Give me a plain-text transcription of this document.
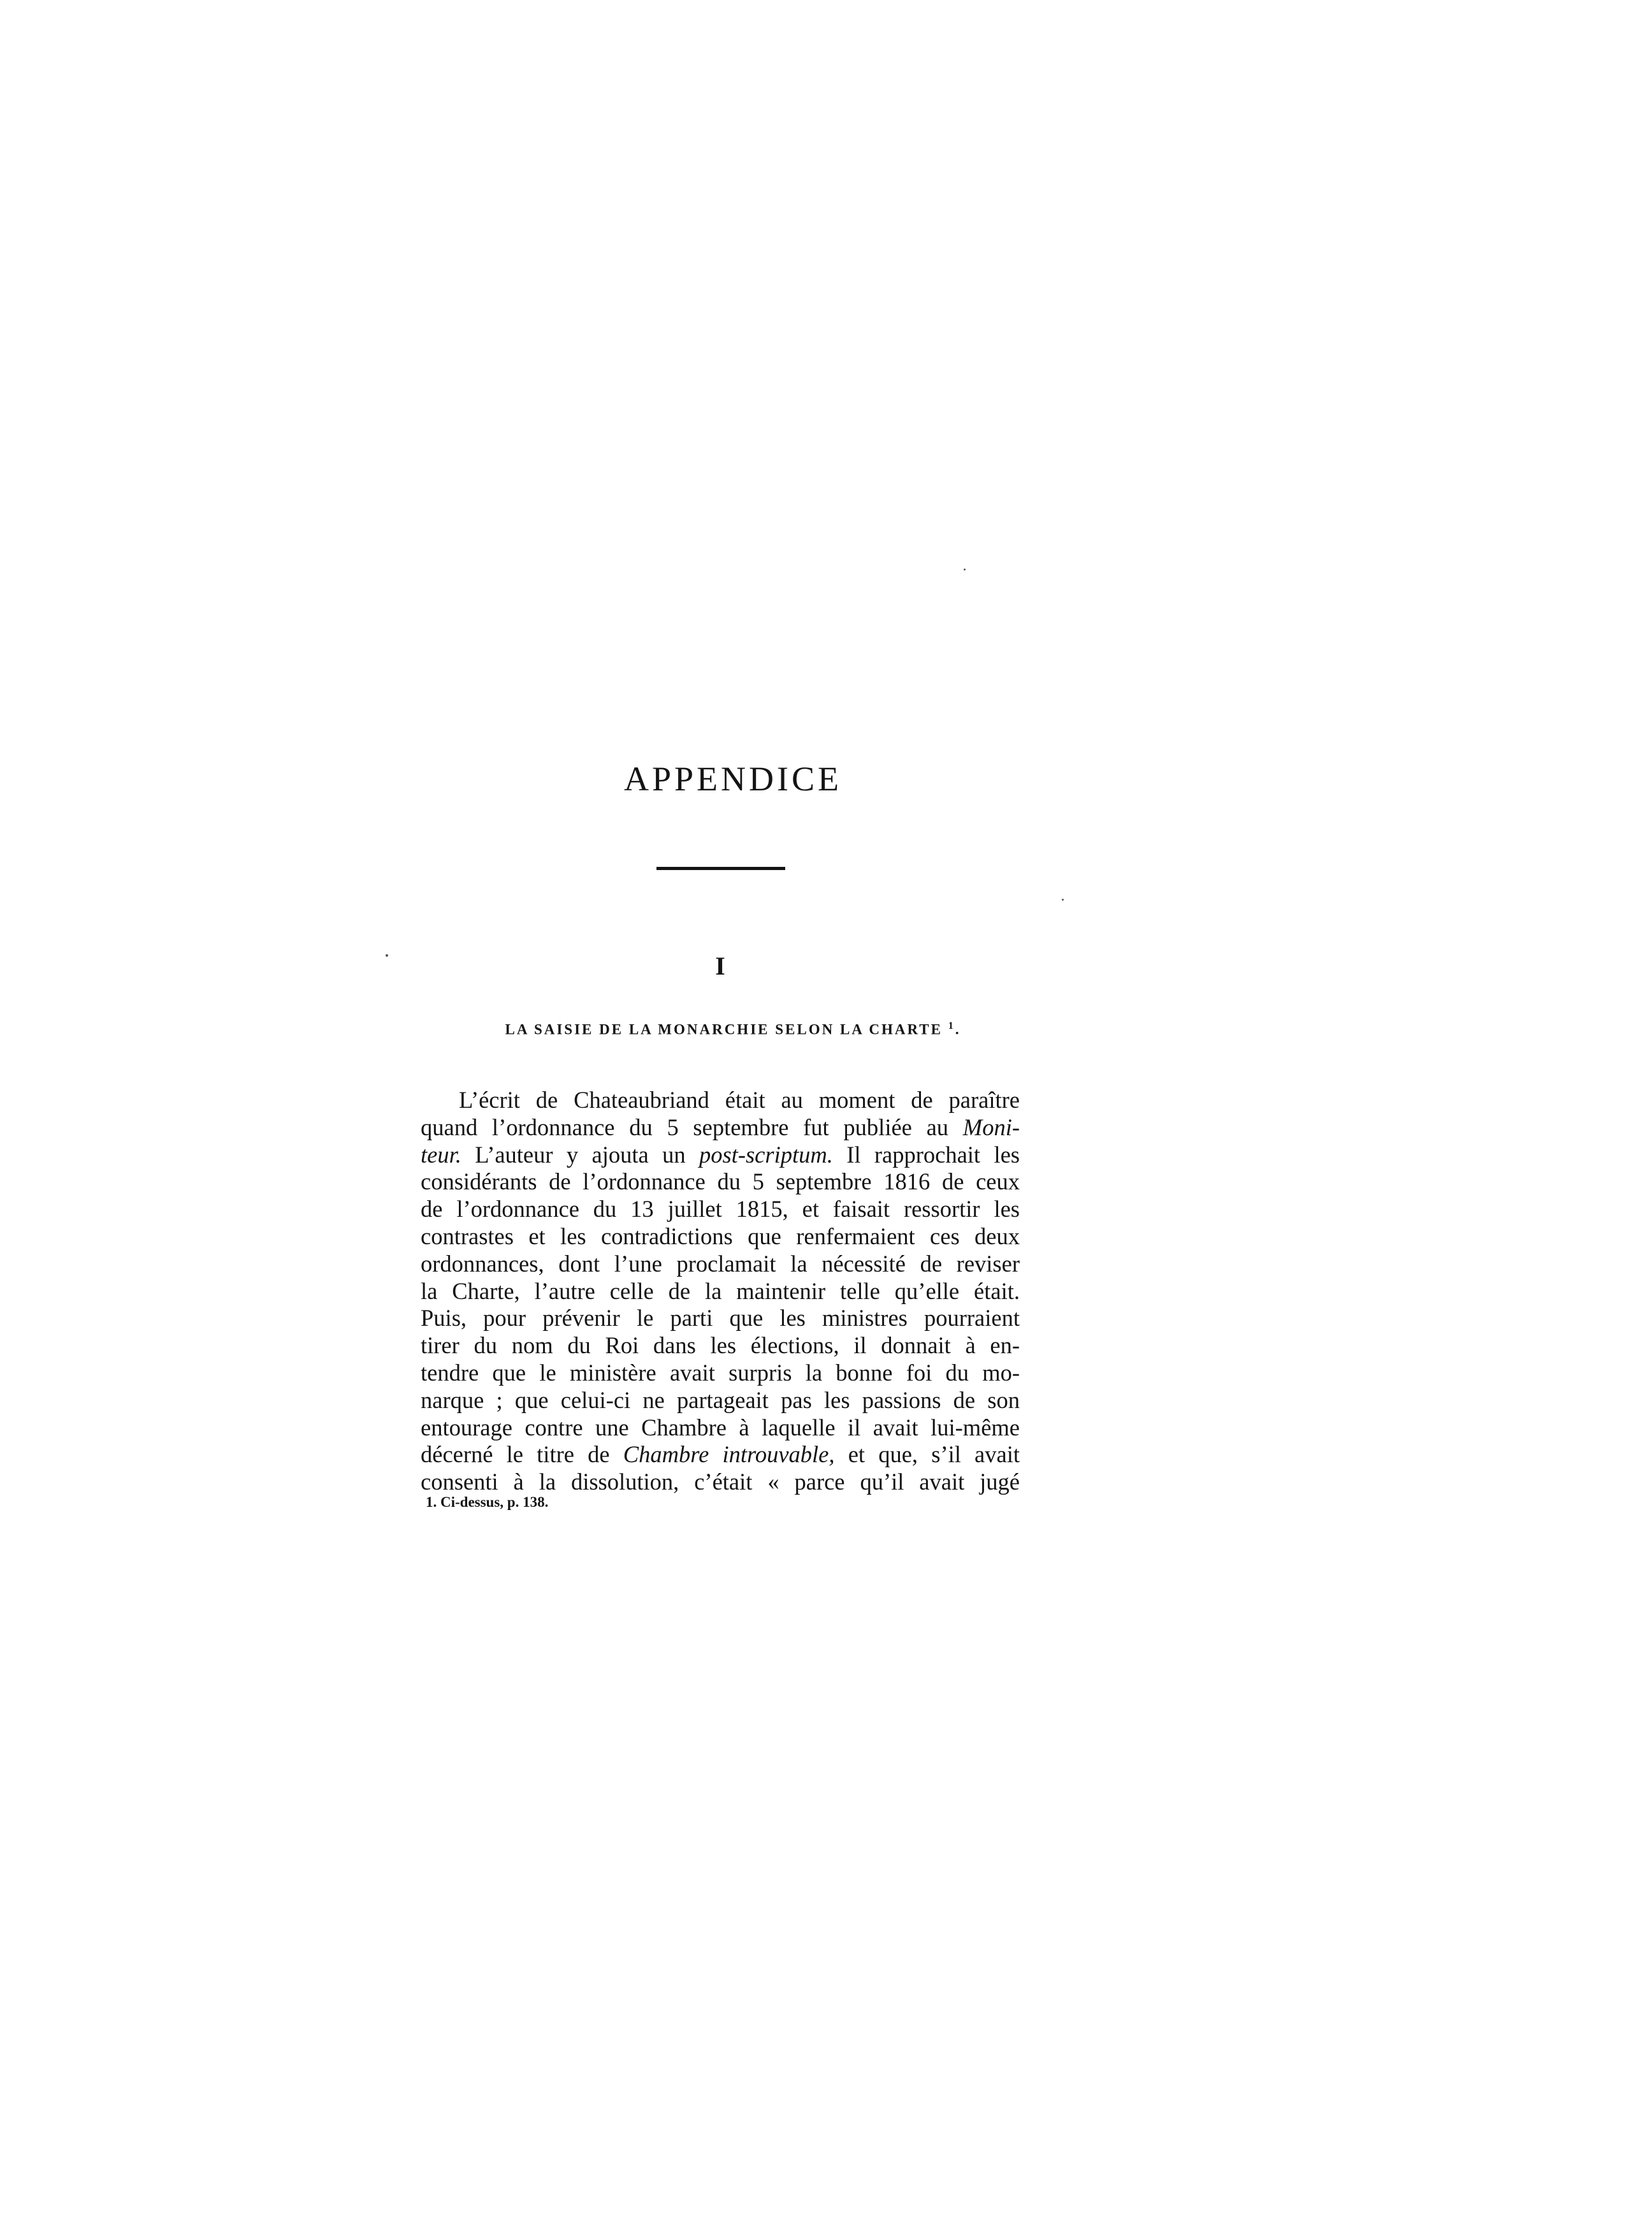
APPENDICE
I
LA SAISIE DE LA MONARCHIE SELON LA CHARTE $^1$.
L’écrit de Chateaubriand était au moment de paraître
quand l’ordonnance du 5 septembre fut publiée au Moni-
teur. L’auteur y ajouta un post-scriptum. Il rapprochait les
considérants de l’ordonnance du 5 septembre 1816 de ceux
de l’ordonnance du 13 juillet 1815, et faisait ressortir les
contrastes et les contradictions que renfermaient ces deux
ordonnances, dont l’une proclamait la nécessité de reviser
la Charte, l’autre celle de la maintenir telle qu’elle était.
Puis, pour prévenir le parti que les ministres pourraient
tirer du nom du Roi dans les élections, il donnait à en-
tendre que le ministère avait surpris la bonne foi du mo-
narque ; que celui-ci ne partageait pas les passions de son
entourage contre une Chambre à laquelle il avait lui-même
décerné le titre de Chambre introuvable, et que, s’il avait
consenti à la dissolution, c’était « parce qu’il avait jugé
1. Ci-dessus, p. 138.
